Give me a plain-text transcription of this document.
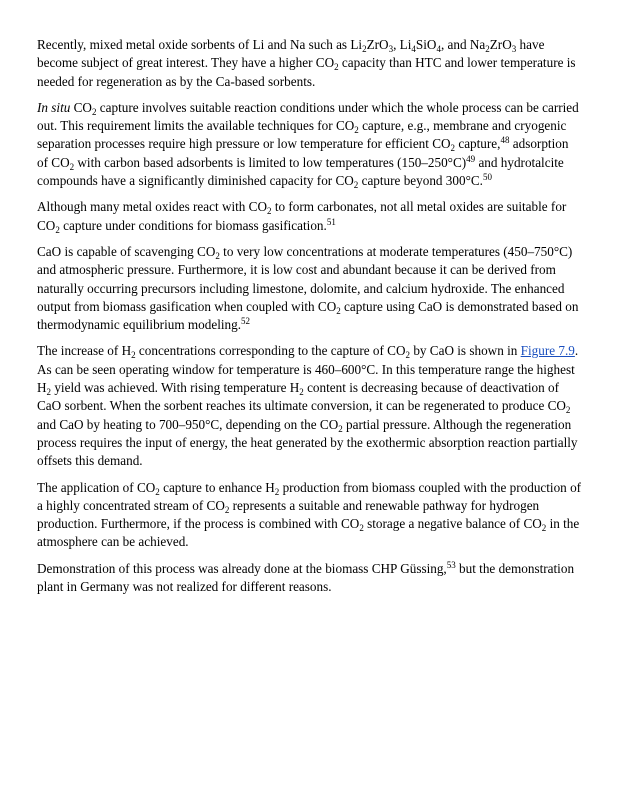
Recently, mixed metal oxide sorbents of Li and Na such as $Li_2ZrO_3$, $Li_4SiO_4$, and $Na_2ZrO_3$ have become subject of great interest. They have a higher $CO_2$ capacity than HTC and lower temperature is needed for regeneration as by the Ca-based sorbents.

In situ $CO_2$ capture involves suitable reaction conditions under which the whole process can be carried out. This requirement limits the available techniques for $CO_2$ capture, e.g., membrane and cryogenic separation processes require high pressure or low temperature for efficient $CO_2$ capture,$^{48}$ adsorption of $CO_2$ with carbon based adsorbents is limited to low temperatures $(150-250^\circ C)^{49}$ and hydrotalcite compounds have a significantly diminished capacity for $CO_2$ capture beyond 300°C.$^{50}$

Although many metal oxides react with $CO_2$ to form carbonates, not all metal oxides are suitable for $CO_2$ capture under conditions for biomass gasification.$^{51}$

CaO is capable of scavenging $CO_2$ to very low concentrations at moderate temperatures (450–750°C) and atmospheric pressure. Furthermore, it is low cost and abundant because it can be derived from naturally occurring precursors including limestone, dolomite, and calcium hydroxide. The enhanced output from biomass gasification when coupled with $CO_2$ capture using CaO is demonstrated based on thermodynamic equilibrium modeling.$^{52}$

The increase of $H_2$ concentrations corresponding to the capture of $CO_2$ by CaO is shown in Figure 7.9. As can be seen operating window for temperature is 460–600°C. In this temperature range the highest $H_2$ yield was achieved. With rising temperature $H_2$ content is decreasing because of deactivation of CaO sorbent. When the sorbent reaches its ultimate conversion, it can be regenerated to produce $CO_2$ and CaO by heating to 700–950°C, depending on the $CO_2$ partial pressure. Although the regeneration process requires the input of energy, the heat generated by the exothermic absorption reaction partially offsets this demand.

The application of $CO_2$ capture to enhance $H_2$ production from biomass coupled with the production of a highly concentrated stream of $CO_2$ represents a suitable and renewable pathway for hydrogen production. Furthermore, if the process is combined with $CO_2$ storage a negative balance of $CO_2$ in the atmosphere can be achieved.

Demonstration of this process was already done at the biomass CHP Güssing,$^{53}$ but the demonstration plant in Germany was not realized for different reasons.
